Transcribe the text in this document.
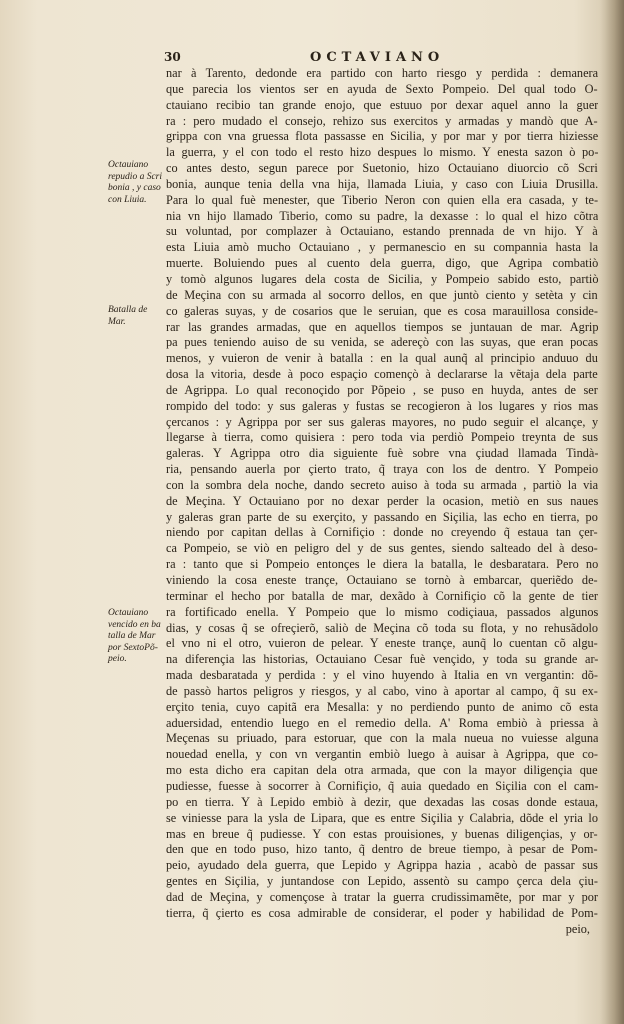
30	OCTAVIANO
Octauiano
repudio a Scri
bonia , y caso
con Liuia.
Batalla de
Mar.
Octauiano
vencido en ba
talla de Mar
por SextoPõ-
peio.
nar à Tarento, dedonde era partido con harto riesgo y perdida : demanera
que parecia los vientos ser en ayuda de Sexto Pompeio. Del qual todo O-
ctauiano recibio tan grande enojo, que estuuo por dexar aquel anno la guer
ra : pero mudado el consejo, rehizo sus exercitos y armadas y mandò que A-
grippa con vna gruessa flota passasse en Sicilia, y por mar y por tierra hiziesse
la guerra, y el con todo el resto hizo despues lo mismo. Y enesta sazon ò po-
co antes desto, segun parece por Suetonio, hizo Octauiano diuorcio cõ Scri
bonia, aunque tenia della vna hija, llamada Liuia, y caso con Liuia Drusilla.
Para lo qual fuè menester, que Tiberio Neron con quien ella era casada, y te-
nia vn hijo llamado Tiberio, como su padre, la dexasse : lo qual el hizo cõtra
su voluntad, por complazer à Octauiano, estando prennada de vn hijo. Y à
esta Liuia amò mucho Octauiano , y permanescio en su compannia hasta la
muerte. Boluiendo pues al cuento dela guerra, digo, que Agripa combatiò
y tomò algunos lugares dela costa de Sicilia, y Pompeio sabido esto, partiò
de Meçina con su armada al socorro dellos, en que juntò ciento y setèta y cin
co galeras suyas, y de cosarios que le seruian, que es cosa marauillosa conside-
rar las grandes armadas, que en aquellos tiempos se juntauan de mar. Agrip
pa pues teniendo auiso de su venida, se adereçò con las suyas, que eran pocas
menos, y vuieron de venir à batalla : en la qual aunq̃ al principio anduuo du
dosa la vitoria, desde à poco espaçio començò à declararse la vẽtaja dela parte
de Agrippa. Lo qual reconoçido por Põpeio , se puso en huyda, antes de ser
rompido del todo: y sus galeras y fustas se recogieron à los lugares y rios mas
çercanos : y Agrippa por ser sus galeras mayores, no pudo seguir el alcançe, y
llegarse à tierra, como quisiera : pero toda via perdiò Pompeio treynta de sus
galeras. Y Agrippa otro dia siguiente fuè sobre vna çiudad llamada Tindà-
ria, pensando auerla por çierto trato, q̃ traya con los de dentro. Y Pompeio
con la sombra dela noche, dando secreto auiso à toda su armada , partiò la via
de Meçina. Y Octauiano por no dexar perder la ocasion, metiò en sus naues
y galeras gran parte de su exerçito, y passando en Siçilia, las echo en tierra, po
niendo por capitan dellas à Cornifiçio : donde no creyendo q̃ estaua tan çer-
ca Pompeio, se viò en peligro del y de sus gentes, siendo salteado del à deso-
ra : tanto que si Pompeio entonçes le diera la batalla, le desbaratara. Pero no
viniendo la cosa eneste trançe, Octauiano se tornò à embarcar, queriẽdo de-
terminar el hecho por batalla de mar, dexãdo à Cornifiçio cõ la gente de tier
ra fortificado enella. Y Pompeio que lo mismo codiçiaua, passados algunos
dias, y cosas q̃ se ofreçierõ, saliò de Meçina cõ toda su flota, y no rehusãdolo
el vno ni el otro, vuieron de pelear. Y eneste trançe, aunq̃ lo cuentan cõ algu-
na diferençia las historias, Octauiano Cesar fuè vençido, y toda su grande ar-
mada desbaratada y perdida : y el vino huyendo à Italia en vn vergantin: dõ-
de passò hartos peligros y riesgos, y al cabo, vino à aportar al campo, q̃ su ex-
erçito tenia, cuyo capitã era Mesalla: y no perdiendo punto de animo cõ esta
aduersidad, entendio luego en el remedio della. A' Roma embiò à priessa à
Meçenas su priuado, para estoruar, que con la mala nueua no vuiesse alguna
nouedad enella, y con vn vergantin embiò luego à auisar à Agrippa, que co-
mo esta dicho era capitan dela otra armada, que con la mayor diligençia que
pudiesse, fuesse à socorrer à Cornifiçio, q̃ auia quedado en Siçilia con el cam-
po en tierra. Y à Lepido embiò à dezir, que dexadas las cosas donde estaua,
se viniesse para la ysla de Lipara, que es entre Siçilia y Calabria, dõde el yria lo
mas en breue q̃ pudiesse. Y con estas prouisiones, y buenas diligençias, y or-
den que en todo puso, hizo tanto, q̃ dentro de breue tiempo, à pesar de Pom-
peio, ayudado dela guerra, que Lepido y Agrippa hazia , acabò de passar sus
gentes en Siçilia, y juntandose con Lepido, assentò su campo çerca dela çiu-
dad de Meçina, y començose à tratar la guerra crudissimamẽte, por mar y por
tierra, q̃ çierto es cosa admirable de considerar, el poder y habilidad de Pom-
peio,
